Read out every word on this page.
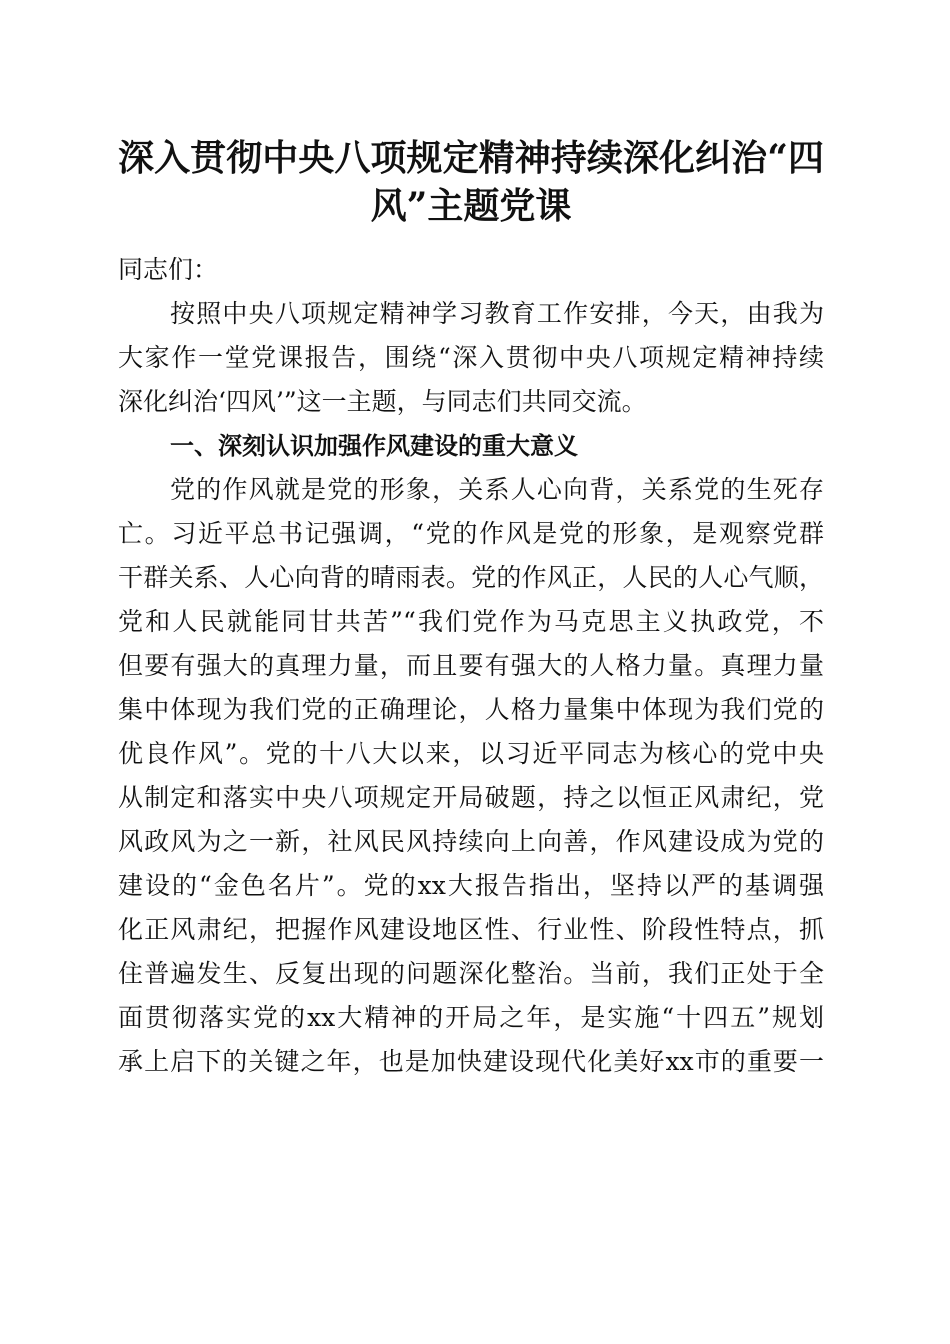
深入贯彻中央八项规定精神持续深化纠治“四
风”主题党课
同志们：
按照中央八项规定精神学习教育工作安排，今天，由我为
大家作一堂党课报告，围绕“深入贯彻中央八项规定精神持续
深化纠治‘四风’”这一主题，与同志们共同交流。
一、深刻认识加强作风建设的重大意义
党的作风就是党的形象，关系人心向背，关系党的生死存
亡。习近平总书记强调，“党的作风是党的形象，是观察党群
干群关系、人心向背的晴雨表。党的作风正，人民的人心气顺，
党和人民就能同甘共苦”“我们党作为马克思主义执政党，不
但要有强大的真理力量，而且要有强大的人格力量。真理力量
集中体现为我们党的正确理论，人格力量集中体现为我们党的
优良作风”。党的十八大以来，以习近平同志为核心的党中央
从制定和落实中央八项规定开局破题，持之以恒正风肃纪，党
风政风为之一新，社风民风持续向上向善，作风建设成为党的
建设的“金色名片”。党的xx大报告指出，坚持以严的基调强
化正风肃纪，把握作风建设地区性、行业性、阶段性特点，抓
住普遍发生、反复出现的问题深化整治。当前，我们正处于全
面贯彻落实党的xx大精神的开局之年，是实施“十四五”规划
承上启下的关键之年，也是加快建设现代化美好xx市的重要一
